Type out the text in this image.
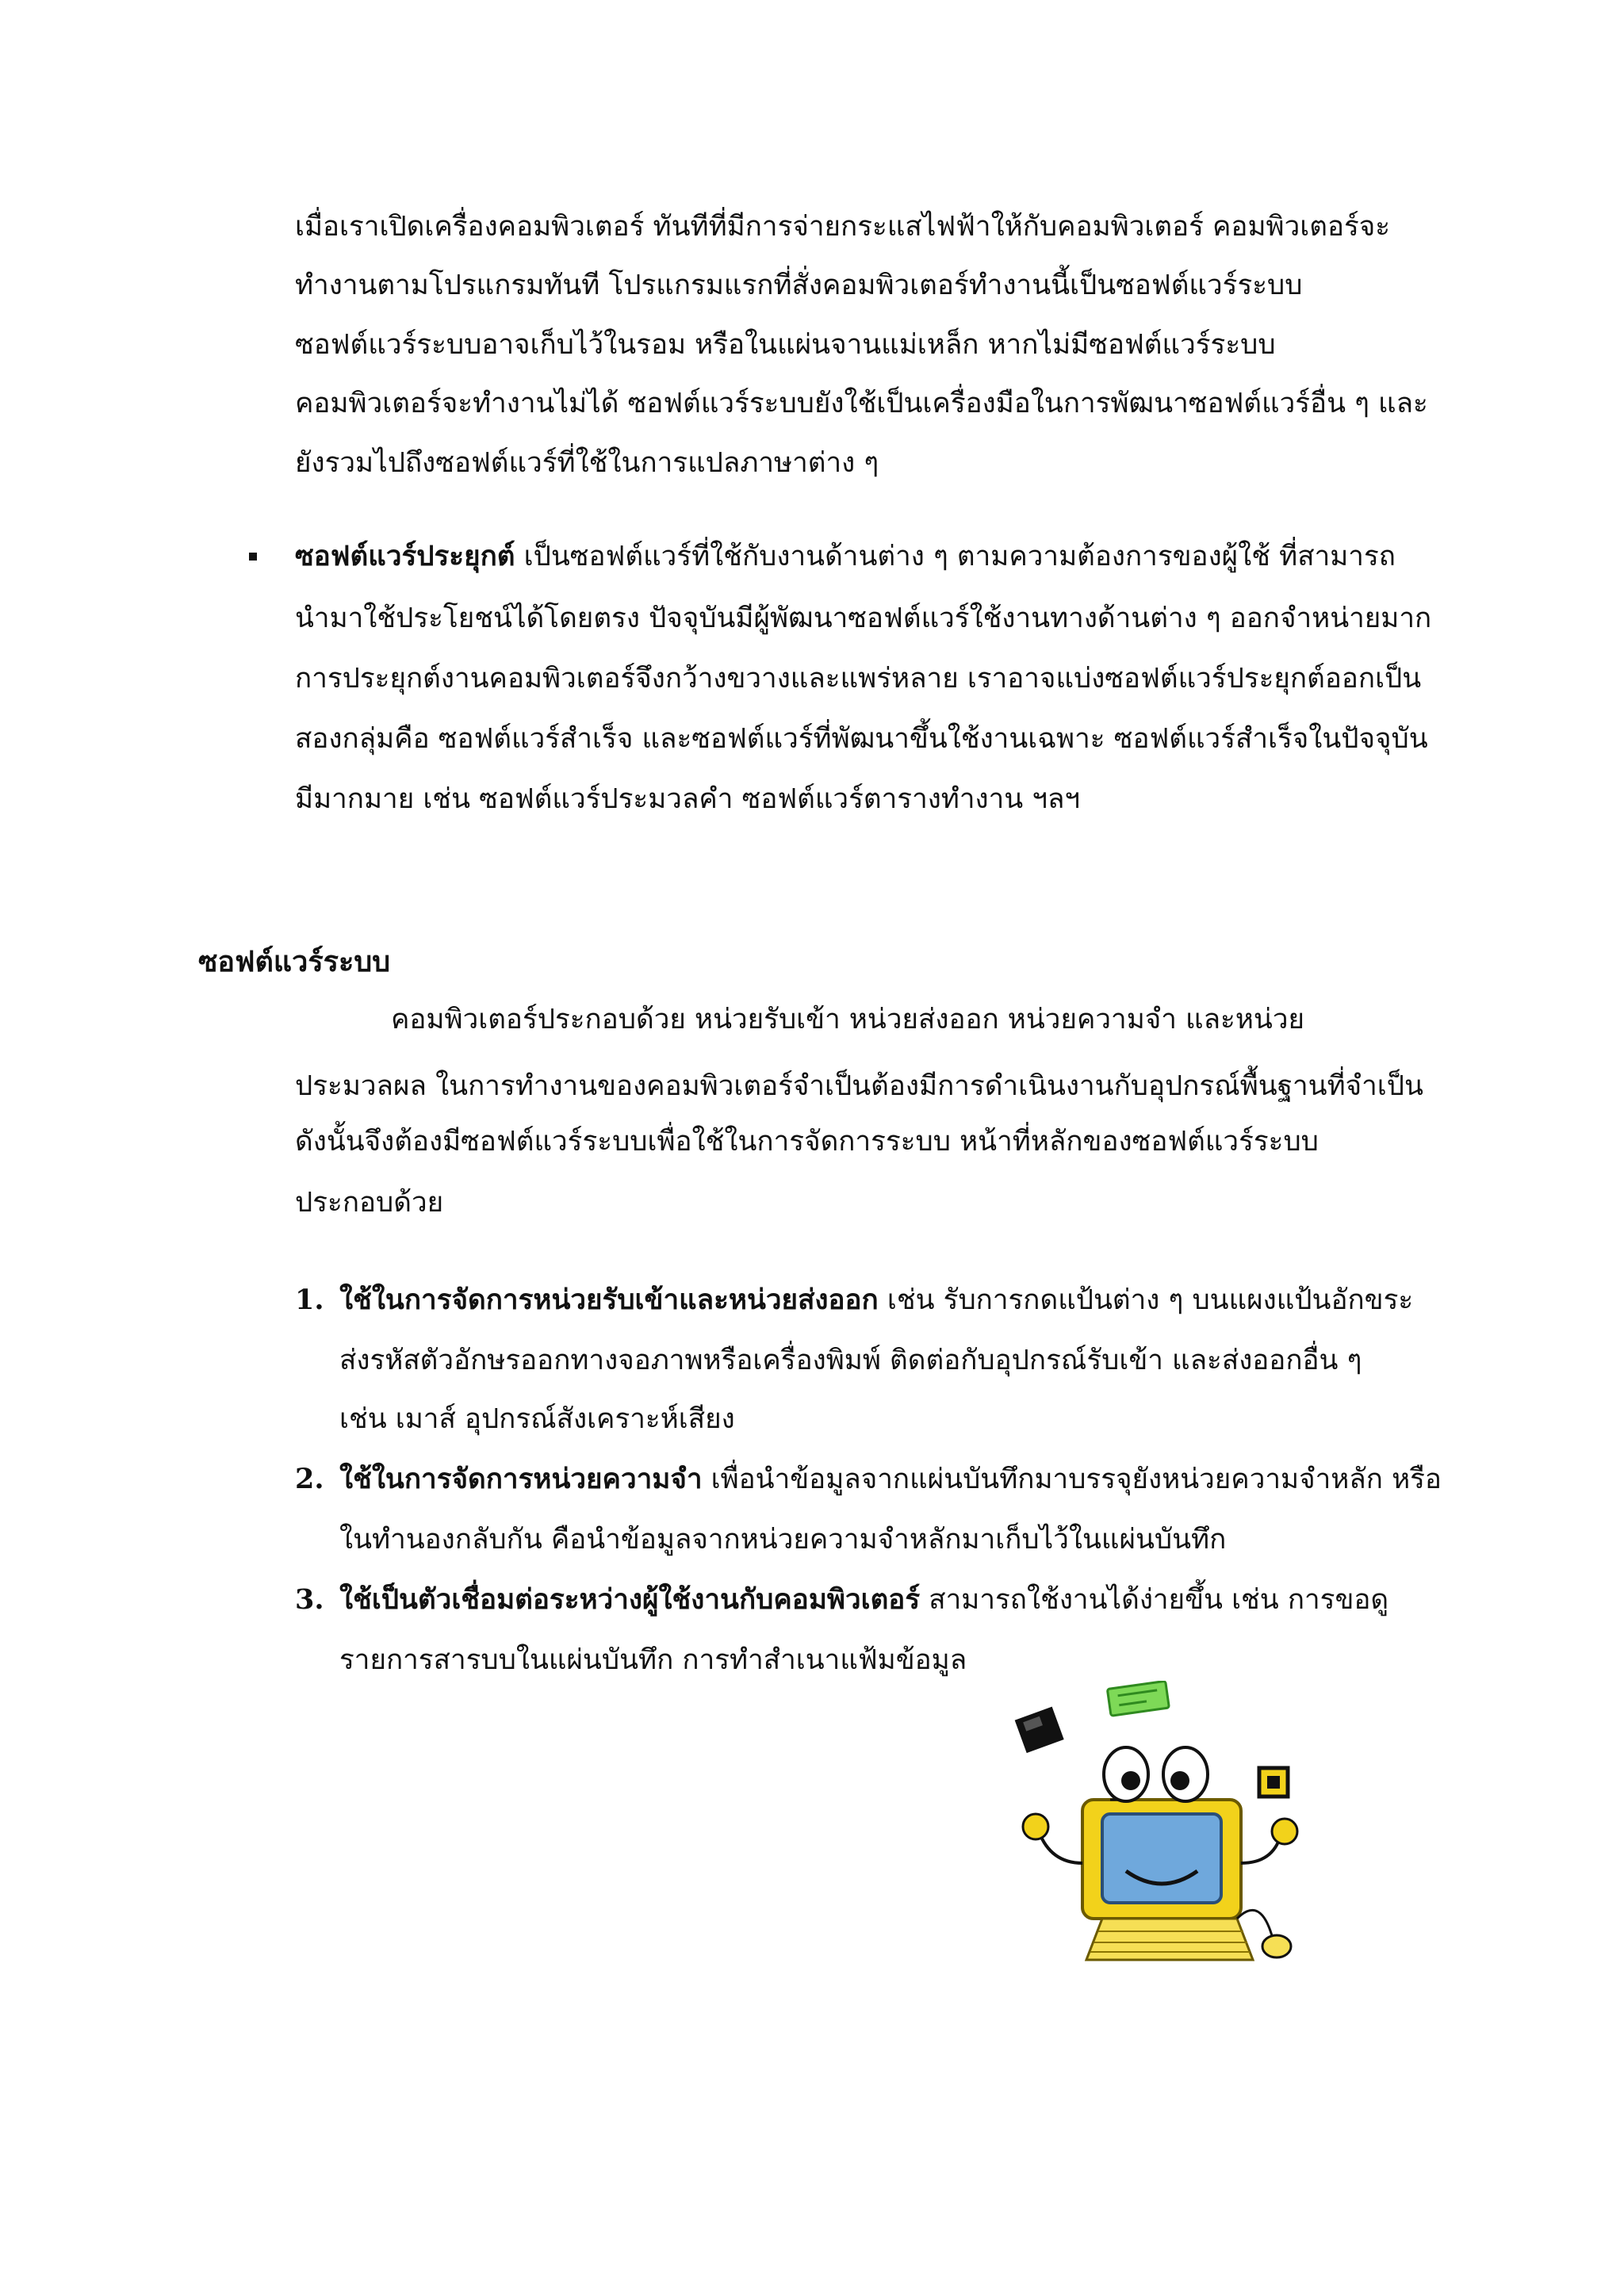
เมื่อเราเปิดเครื่องคอมพิวเตอร์ ทันทีที่มีการจ่ายกระแสไฟฟ้าให้กับคอมพิวเตอร์ คอมพิวเตอร์จะ
ทำงานตามโปรแกรมทันที โปรแกรมแรกที่สั่งคอมพิวเตอร์ทำงานนี้เป็นซอฟต์แวร์ระบบ
ซอฟต์แวร์ระบบอาจเก็บไว้ในรอม หรือในแผ่นจานแม่เหล็ก หากไม่มีซอฟต์แวร์ระบบ
คอมพิวเตอร์จะทำงานไม่ได้ ซอฟต์แวร์ระบบยังใช้เป็นเครื่องมือในการพัฒนาซอฟต์แวร์อื่น ๆ และ
ยังรวมไปถึงซอฟต์แวร์ที่ใช้ในการแปลภาษาต่าง ๆ
ซอฟต์แวร์ประยุกต์ เป็นซอฟต์แวร์ที่ใช้กับงานด้านต่าง ๆ ตามความต้องการของผู้ใช้ ที่สามารถ
นำมาใช้ประโยชน์ได้โดยตรง ปัจจุบันมีผู้พัฒนาซอฟต์แวร์ใช้งานทางด้านต่าง ๆ ออกจำหน่ายมาก
การประยุกต์งานคอมพิวเตอร์จึงกว้างขวางและแพร่หลาย เราอาจแบ่งซอฟต์แวร์ประยุกต์ออกเป็น
สองกลุ่มคือ ซอฟต์แวร์สำเร็จ และซอฟต์แวร์ที่พัฒนาขึ้นใช้งานเฉพาะ ซอฟต์แวร์สำเร็จในปัจจุบัน
มีมากมาย เช่น ซอฟต์แวร์ประมวลคำ ซอฟต์แวร์ตารางทำงาน ฯลฯ
ซอฟต์แวร์ระบบ
คอมพิวเตอร์ประกอบด้วย หน่วยรับเข้า หน่วยส่งออก หน่วยความจำ และหน่วย
ประมวลผล ในการทำงานของคอมพิวเตอร์จำเป็นต้องมีการดำเนินงานกับอุปกรณ์พื้นฐานที่จำเป็น
ดังนั้นจึงต้องมีซอฟต์แวร์ระบบเพื่อใช้ในการจัดการระบบ หน้าที่หลักของซอฟต์แวร์ระบบ
ประกอบด้วย
1. ใช้ในการจัดการหน่วยรับเข้าและหน่วยส่งออก เช่น รับการกดแป้นต่าง ๆ บนแผงแป้นอักขระ
ส่งรหัสตัวอักษรออกทางจอภาพหรือเครื่องพิมพ์ ติดต่อกับอุปกรณ์รับเข้า และส่งออกอื่น ๆ
เช่น เมาส์ อุปกรณ์สังเคราะห์เสียง
2. ใช้ในการจัดการหน่วยความจำ เพื่อนำข้อมูลจากแผ่นบันทึกมาบรรจุยังหน่วยความจำหลัก หรือ
ในทำนองกลับกัน คือนำข้อมูลจากหน่วยความจำหลักมาเก็บไว้ในแผ่นบันทึก
3. ใช้เป็นตัวเชื่อมต่อระหว่างผู้ใช้งานกับคอมพิวเตอร์ สามารถใช้งานได้ง่ายขึ้น เช่น การขอดู
รายการสารบบในแผ่นบันทึก การทำสำเนาแฟ้มข้อมูล
